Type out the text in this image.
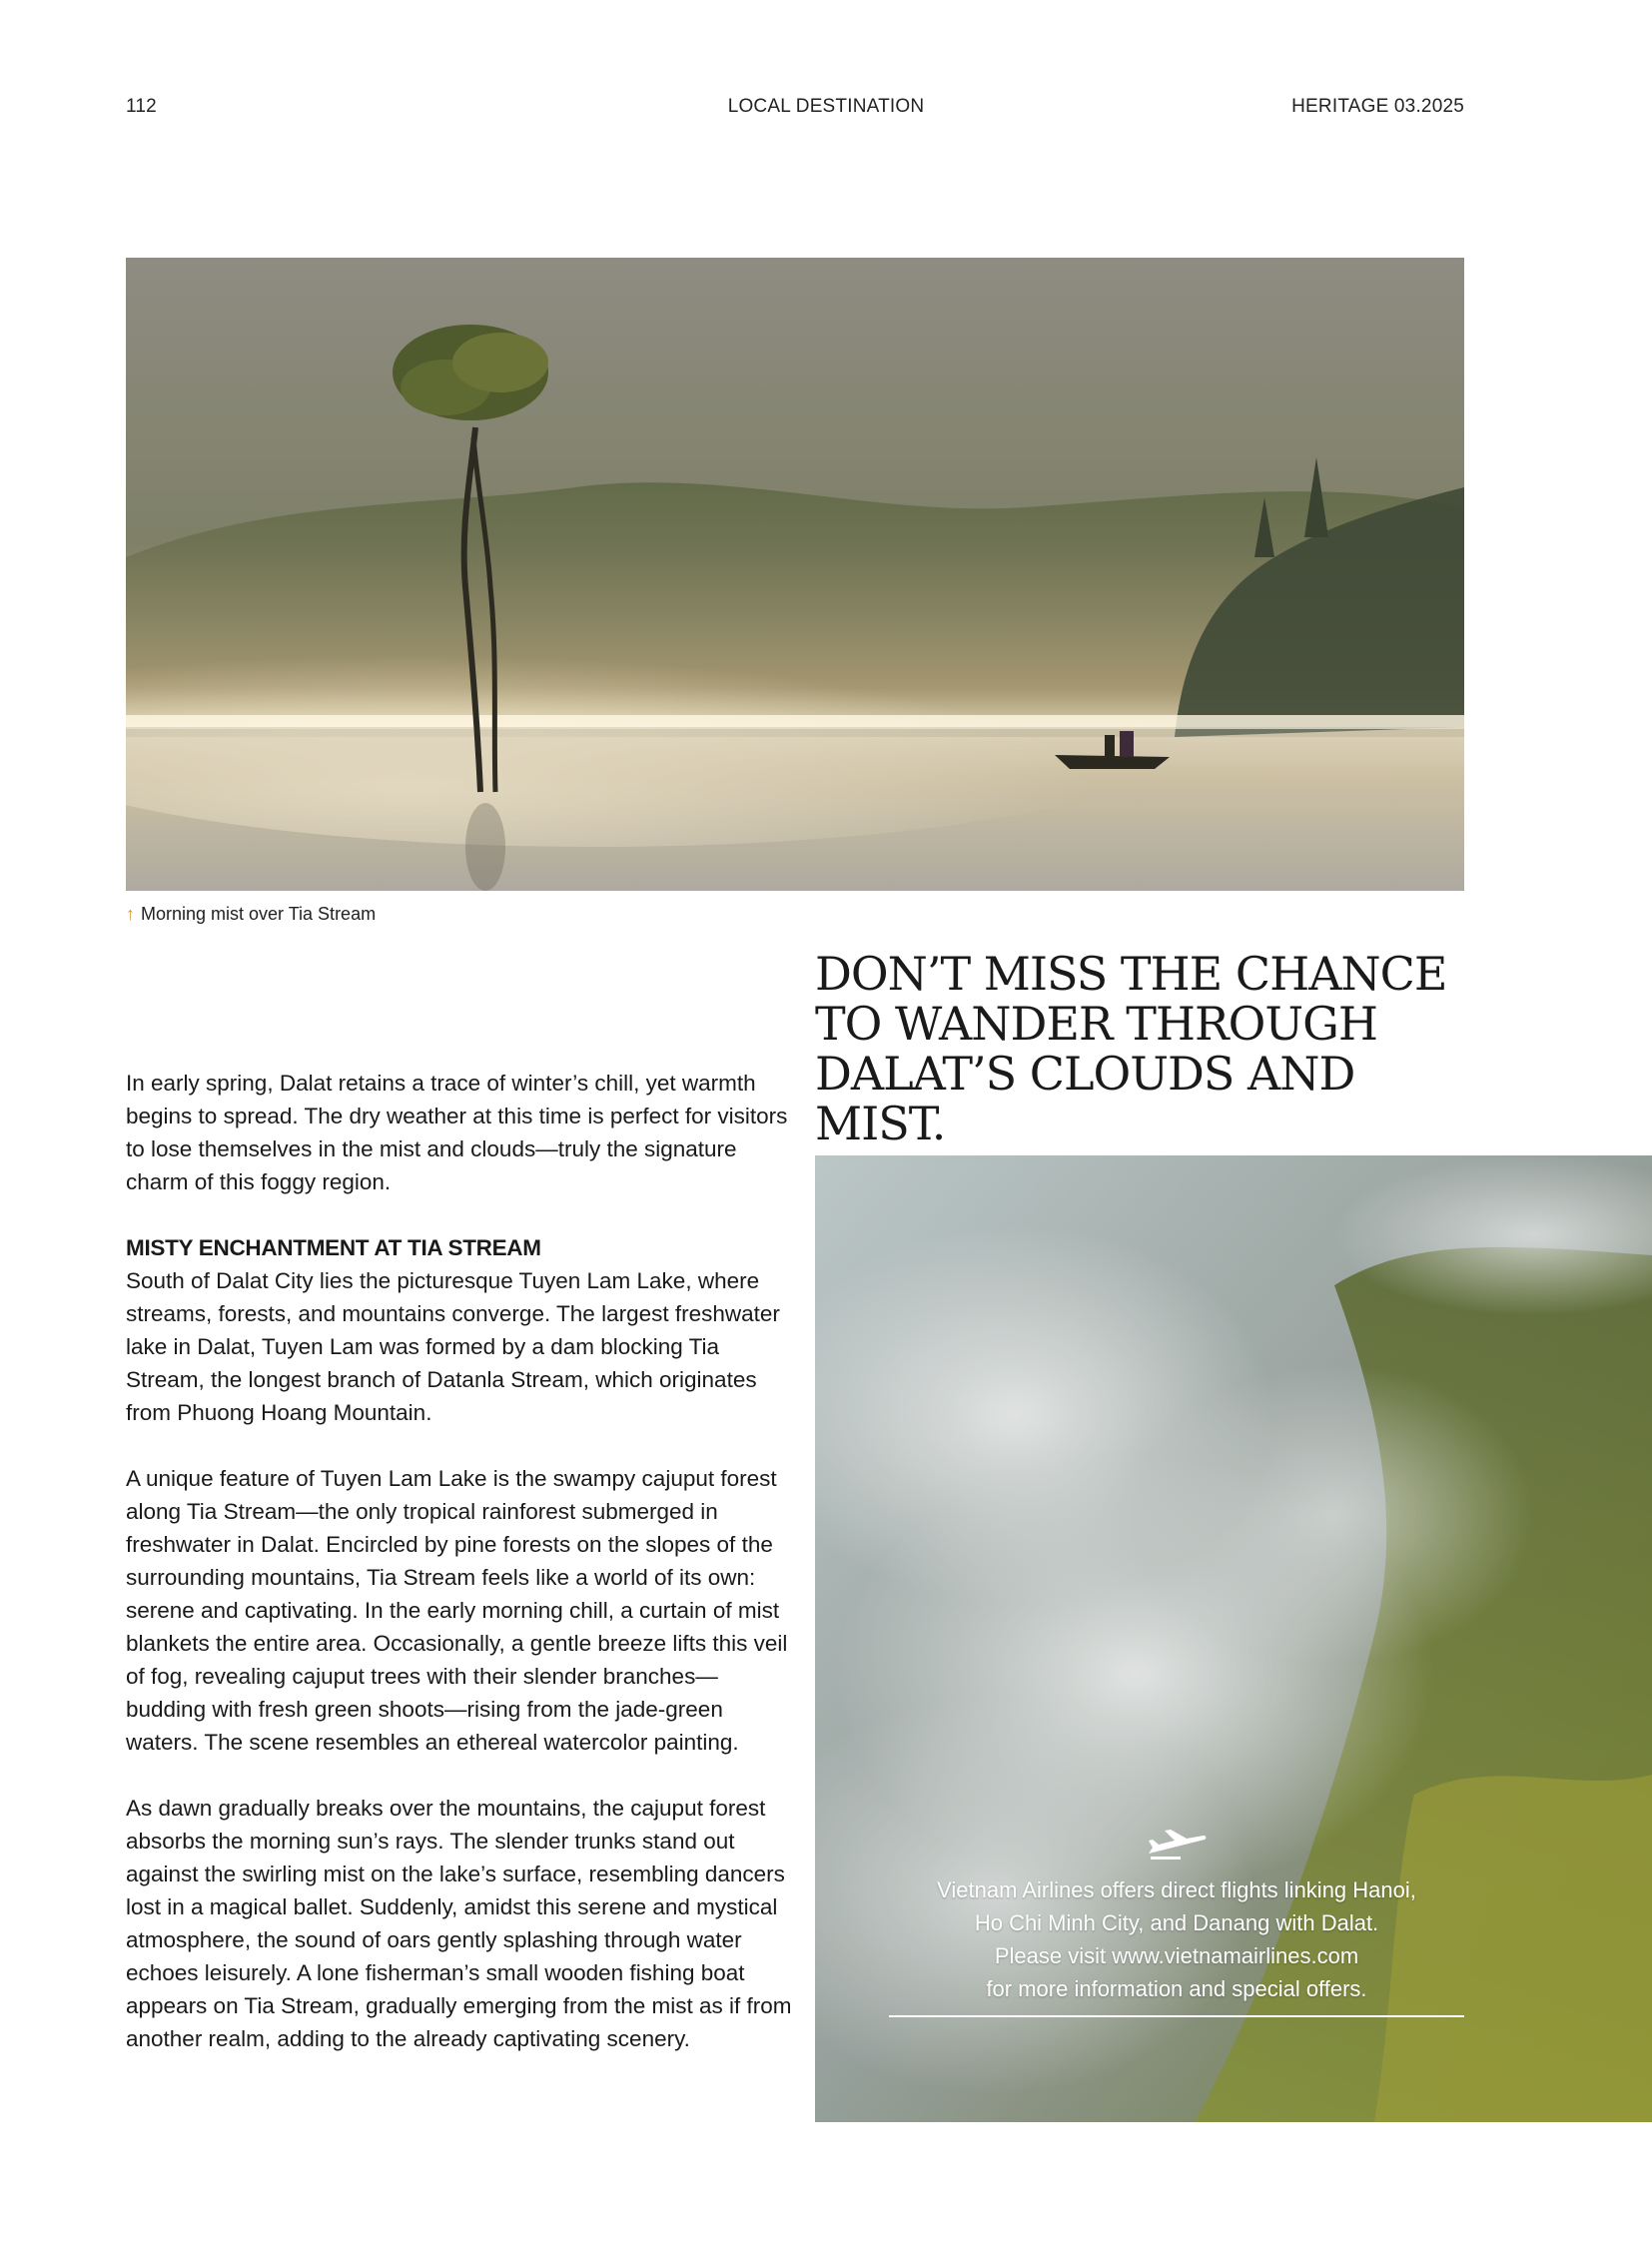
112	LOCAL DESTINATION	HERITAGE 03.2025
↑ Morning mist over Tia Stream
DON’T MISS THE CHANCE TO WANDER THROUGH DALAT’S CLOUDS AND MIST.

In early spring, Dalat retains a trace of winter’s chill, yet warmth begins to spread. The dry weather at this time is perfect for visitors to lose themselves in the mist and clouds—truly the signature charm of this foggy region.

MISTY ENCHANTMENT AT TIA STREAM

South of Dalat City lies the picturesque Tuyen Lam Lake, where streams, forests, and mountains converge. The largest freshwater lake in Dalat, Tuyen Lam was formed by a dam blocking Tia Stream, the longest branch of Datanla Stream, which originates from Phuong Hoang Mountain.

A unique feature of Tuyen Lam Lake is the swampy cajuput forest along Tia Stream—the only tropical rainforest submerged in freshwater in Dalat. Encircled by pine forests on the slopes of the surrounding mountains, Tia Stream feels like a world of its own: serene and captivating. In the early morning chill, a curtain of mist blankets the entire area. Occasionally, a gentle breeze lifts this veil of fog, revealing cajuput trees with their slender branches—budding with fresh green shoots—rising from the jade-green waters. The scene resembles an ethereal watercolor painting.

As dawn gradually breaks over the mountains, the cajuput forest absorbs the morning sun’s rays. The slender trunks stand out against the swirling mist on the lake’s surface, resembling dancers lost in a magical ballet. Suddenly, amidst this serene and mystical atmosphere, the sound of oars gently splashing through water echoes leisurely. A lone fisherman’s small wooden fishing boat appears on Tia Stream, gradually emerging from the mist as if from another realm, adding to the already captivating scenery.

Vietnam Airlines offers direct flights linking Hanoi,

Ho Chi Minh City, and Danang with Dalat.

Please visit www.vietnamairlines.com

for more information and special offers.
